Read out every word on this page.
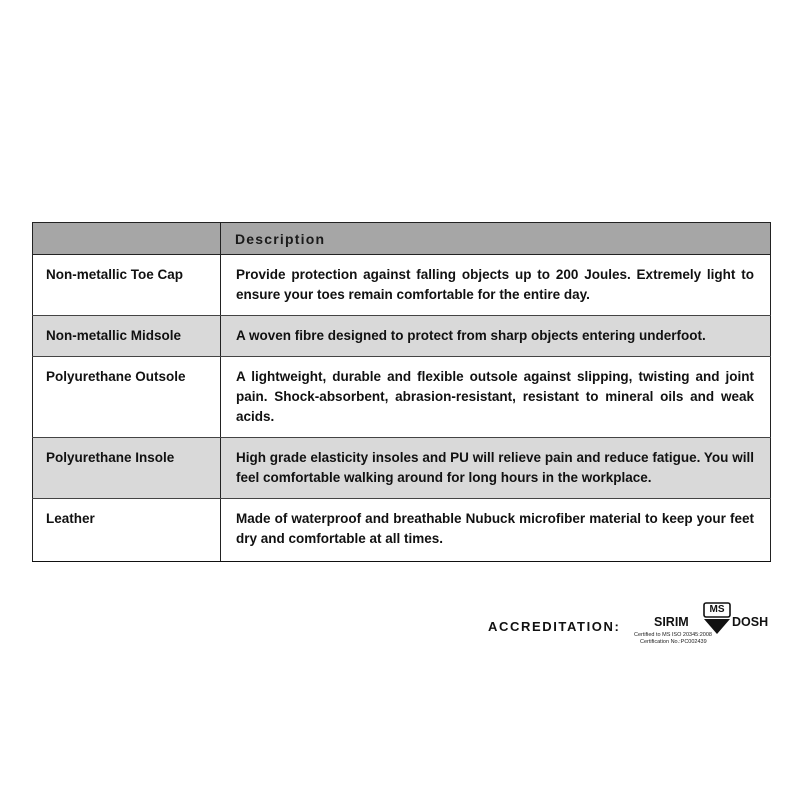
	Description

Non-metallic Toe Cap	Provide protection against falling objects up to 200 Joules. Extremely light to ensure your toes remain comfortable for the entire day.

Non-metallic Midsole	A woven fibre designed to protect from sharp objects entering underfoot.

Polyurethane Outsole	A lightweight, durable and flexible outsole against slipping, twisting and joint pain. Shock-absorbent, abrasion-resistant, resistant to mineral oils and weak acids.

Polyurethane Insole	High grade elasticity insoles and PU will relieve pain and reduce fatigue. You will feel comfortable walking around for long hours in the workplace.

Leather	Made of waterproof and breathable Nubuck microfiber material to keep your feet dry and comfortable at all times.
ACCREDITATION:	SIRIM
MS
DOSH
Certified to MS ISO 20345:2008
Certification No.:PC002439
